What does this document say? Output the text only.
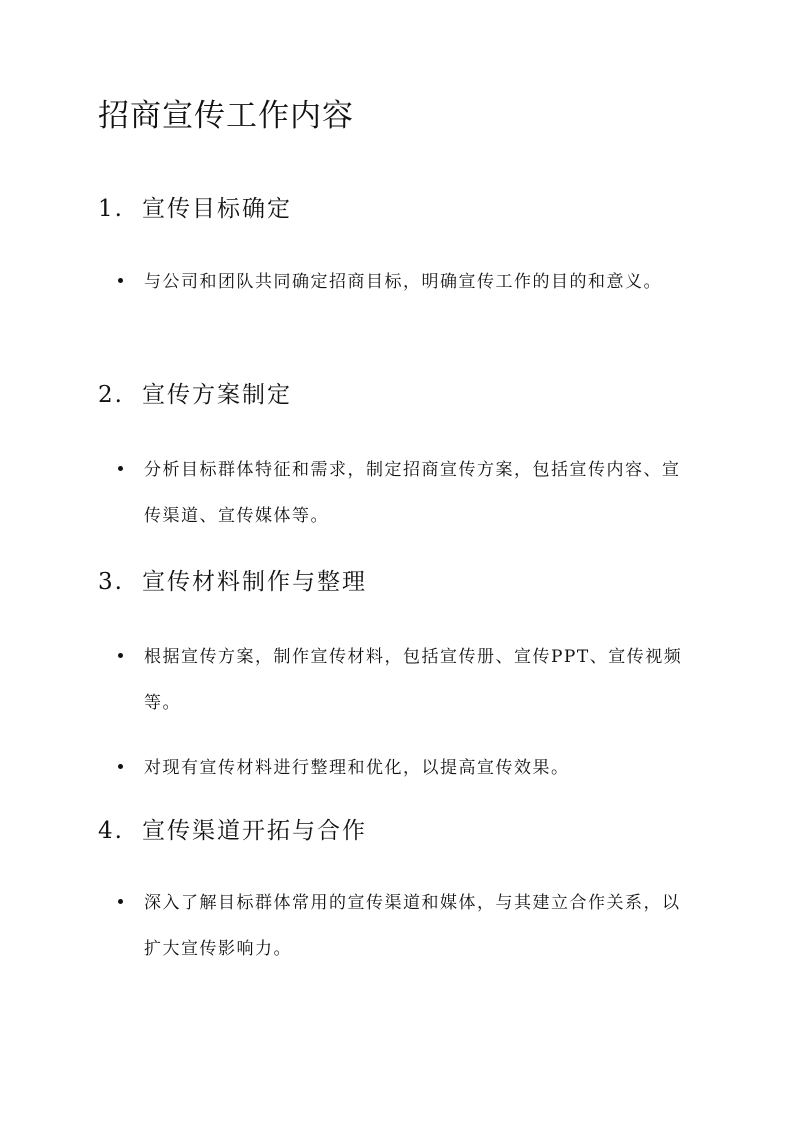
招商宣传工作内容
1. 宣传目标确定
与公司和团队共同确定招商目标，明确宣传工作的目的和意义。
2. 宣传方案制定
分析目标群体特征和需求，制定招商宣传方案，包括宣传内容、宣传渠道、宣传媒体等。
3. 宣传材料制作与整理
根据宣传方案，制作宣传材料，包括宣传册、宣传PPT、宣传视频等。
对现有宣传材料进行整理和优化，以提高宣传效果。
4. 宣传渠道开拓与合作
深入了解目标群体常用的宣传渠道和媒体，与其建立合作关系，以扩大宣传影响力。
